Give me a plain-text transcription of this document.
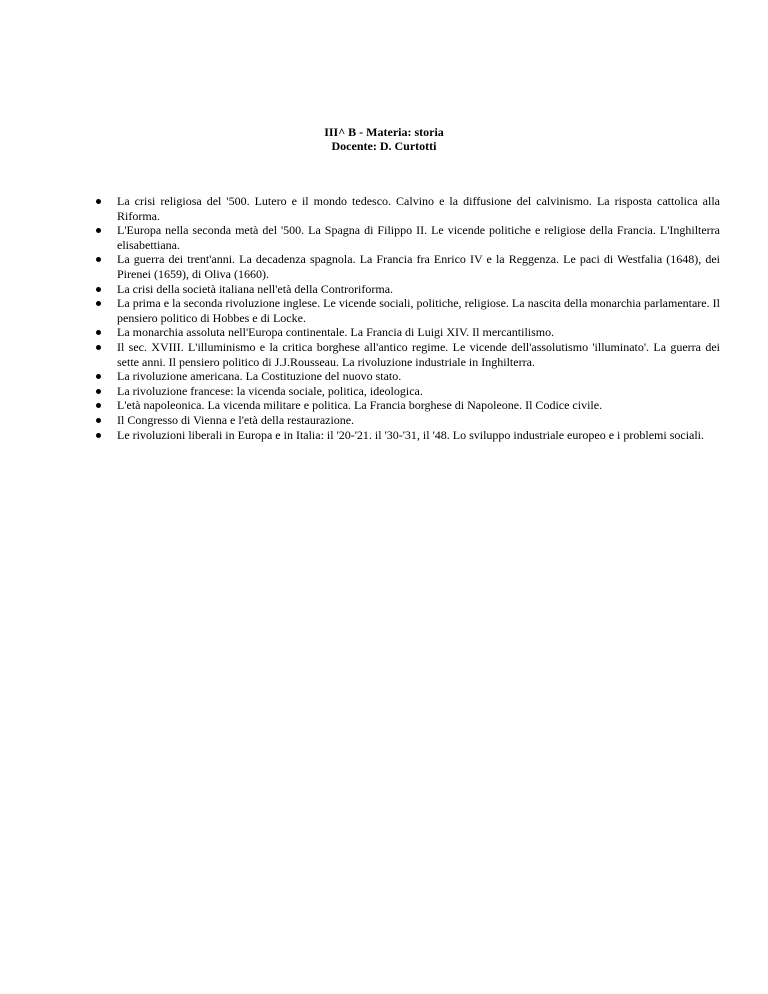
III^ B - Materia: storia
Docente: D. Curtotti
La crisi religiosa del '500. Lutero e il mondo tedesco. Calvino e la diffusione del calvinismo. La risposta cattolica alla Riforma.
L'Europa nella seconda metà del '500. La Spagna di Filippo II. Le vicende politiche e religiose della Francia. L'Inghilterra elisabettiana.
La guerra dei trent'anni. La decadenza spagnola. La Francia fra Enrico IV e la Reggenza. Le paci di Westfalia (1648), dei Pirenei (1659), di Oliva (1660).
La crisi della società italiana nell'età della Controriforma.
La prima e la seconda rivoluzione inglese. Le vicende sociali, politiche, religiose. La nascita della monarchia parlamentare. Il pensiero politico di Hobbes e di Locke.
La monarchia assoluta nell'Europa continentale. La Francia di Luigi XIV. Il mercantilismo.
Il sec. XVIII. L'illuminismo e la critica borghese all'antico regime. Le vicende dell'assolutismo 'illuminato'. La guerra dei sette anni. Il pensiero politico di J.J.Rousseau. La rivoluzione industriale in Inghilterra.
La rivoluzione americana. La Costituzione del nuovo stato.
La rivoluzione francese: la vicenda sociale, politica, ideologica.
L'età napoleonica. La vicenda militare e politica. La Francia borghese di Napoleone. Il Codice civile.
Il Congresso di Vienna e l'età della restaurazione.
Le rivoluzioni liberali in Europa e in Italia: il '20-'21. il '30-'31, il '48. Lo sviluppo industriale europeo e i problemi sociali.
